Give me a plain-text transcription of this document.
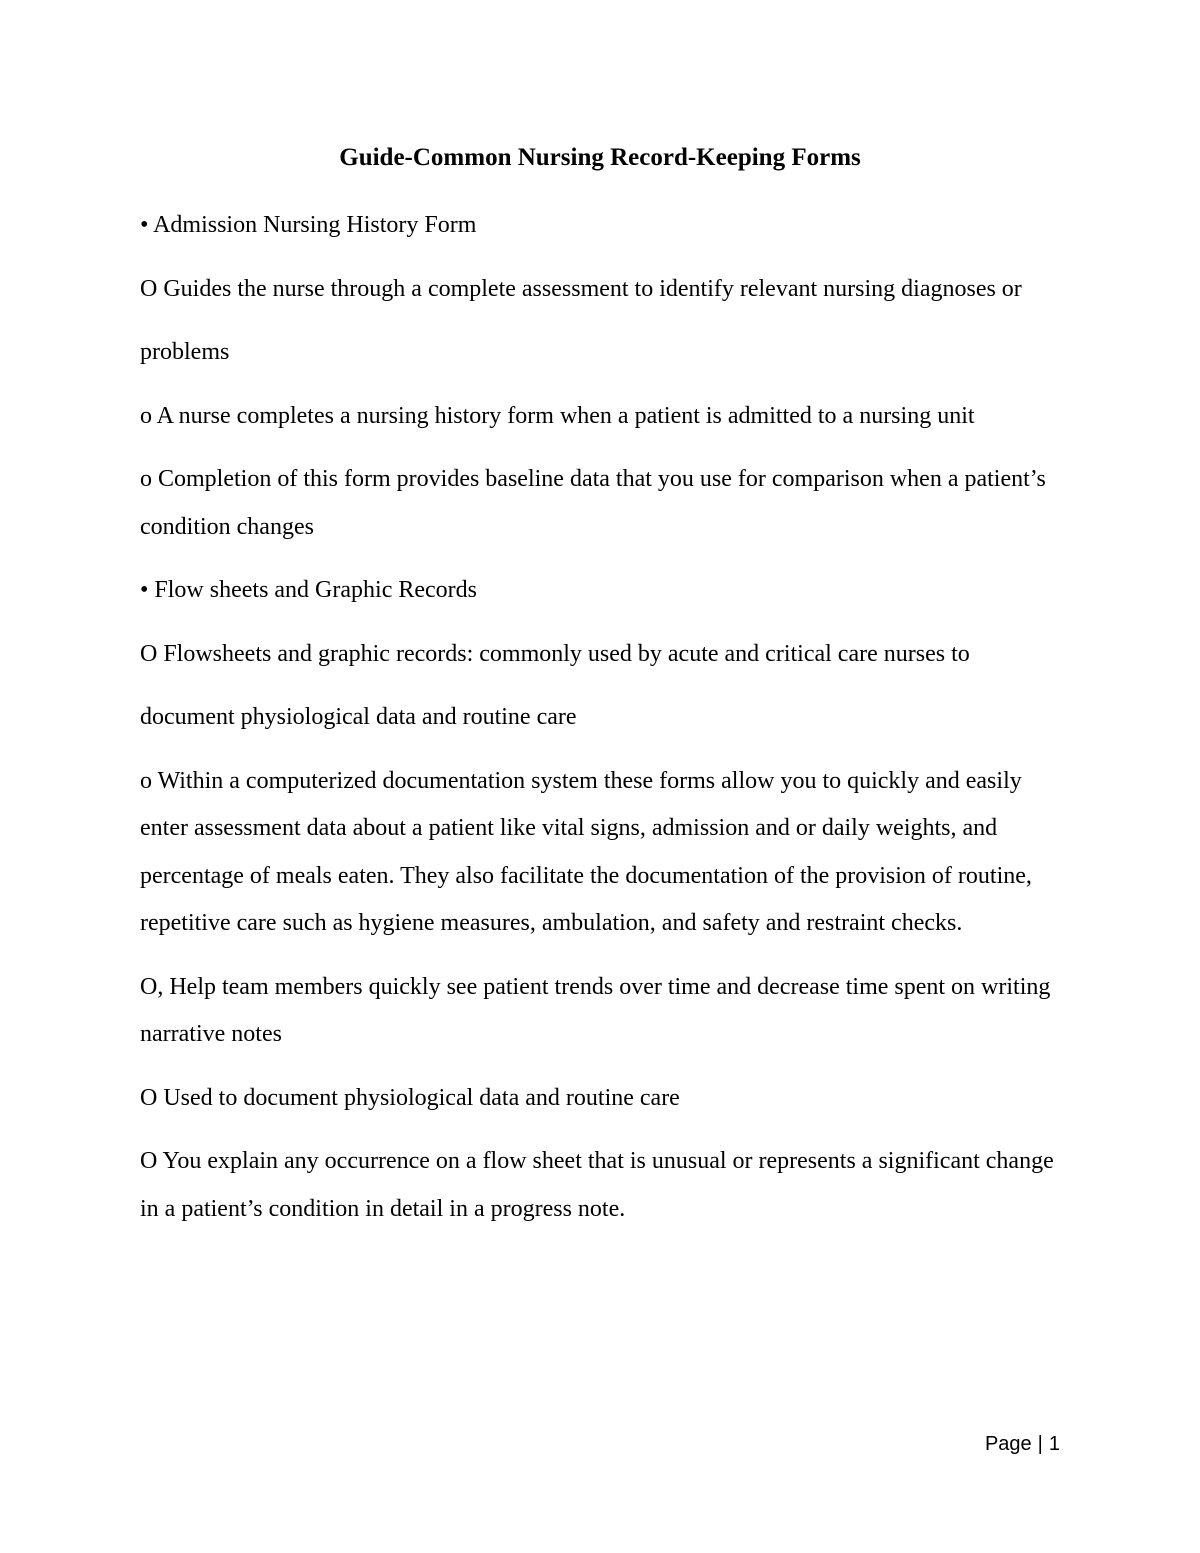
Guide-Common Nursing Record-Keeping Forms

• Admission Nursing History Form

O Guides the nurse through a complete assessment to identify relevant nursing diagnoses or

problems

o A nurse completes a nursing history form when a patient is admitted to a nursing unit

o Completion of this form provides baseline data that you use for comparison when a patient’s condition changes

• Flow sheets and Graphic Records

O Flowsheets and graphic records: commonly used by acute and critical care nurses to

document physiological data and routine care

o Within a computerized documentation system these forms allow you to quickly and easily enter assessment data about a patient like vital signs, admission and or daily weights, and percentage of meals eaten. They also facilitate the documentation of the provision of routine, repetitive care such as hygiene measures, ambulation, and safety and restraint checks.

O, Help team members quickly see patient trends over time and decrease time spent on writing narrative notes

O Used to document physiological data and routine care

O You explain any occurrence on a flow sheet that is unusual or represents a significant change in a patient’s condition in detail in a progress note.

Page | 1
